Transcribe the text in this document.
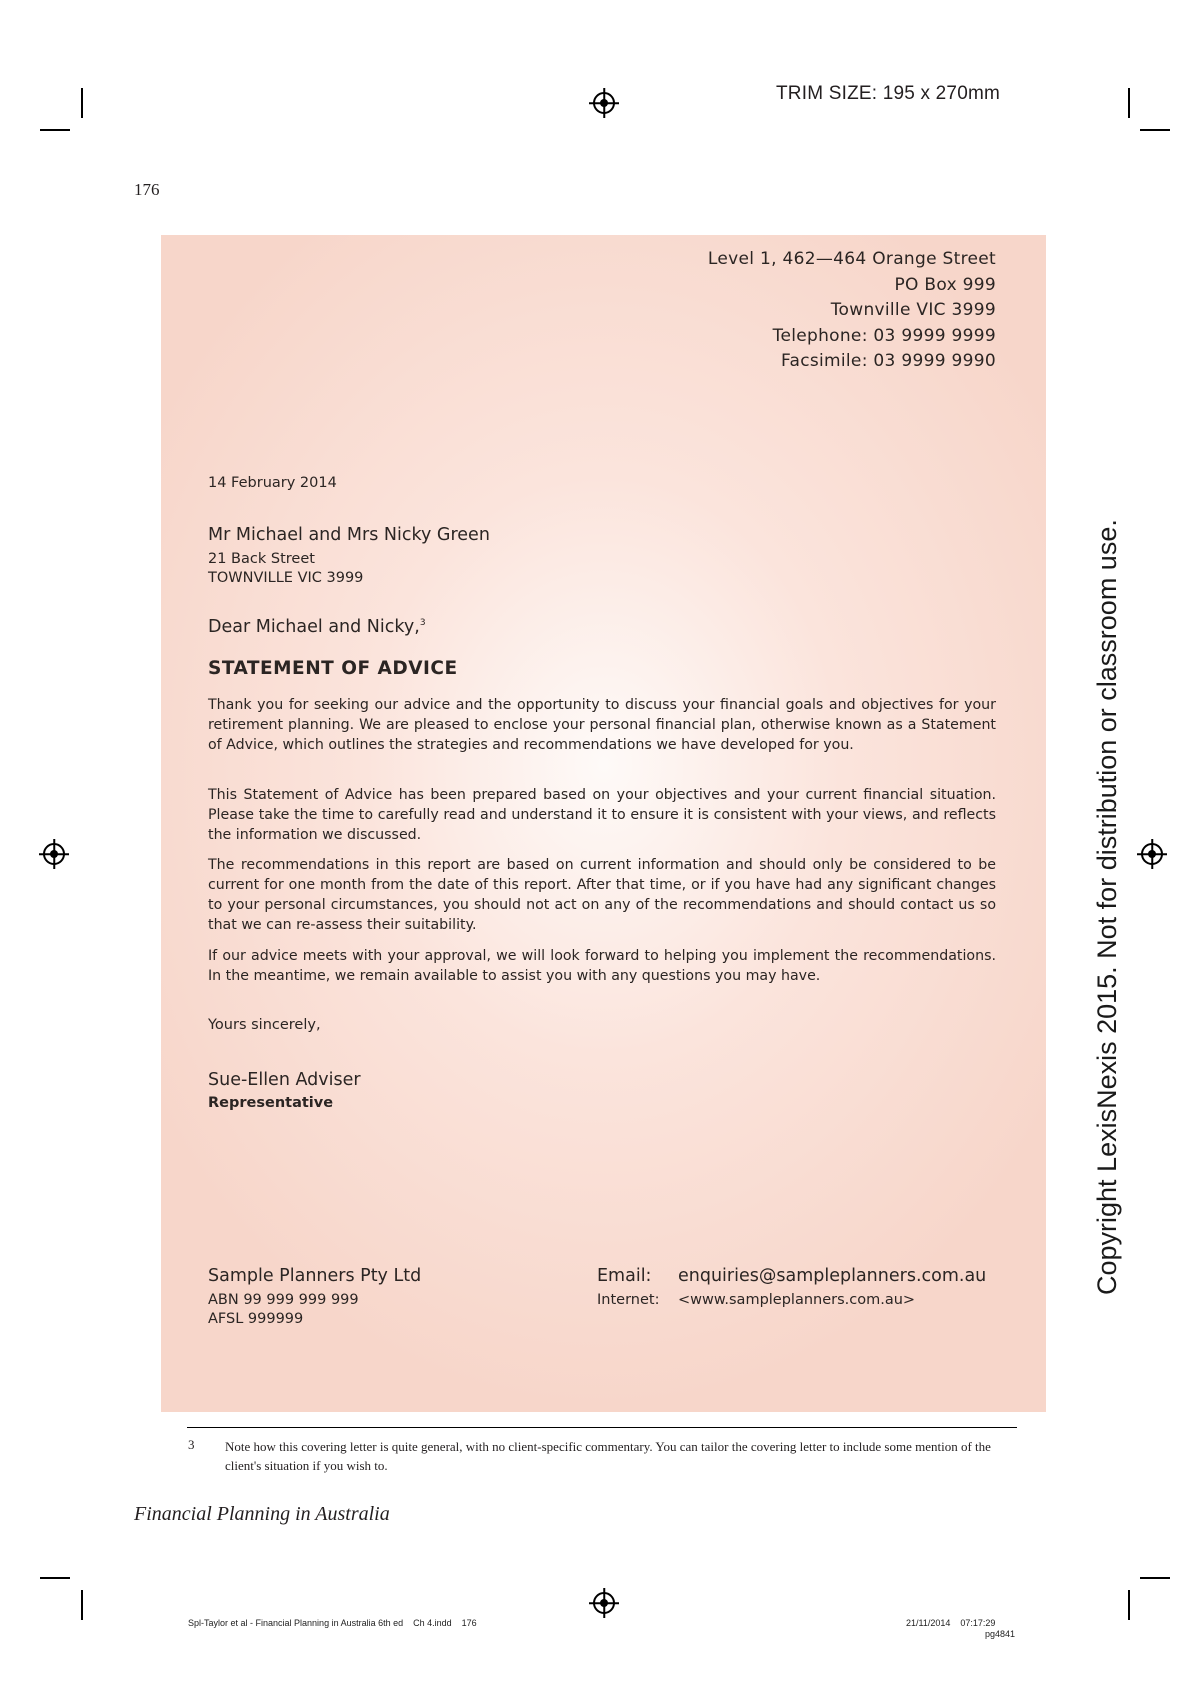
TRIM SIZE: 195 x 270mm
176
Level 1, 462—464 Orange Street
PO Box 999
Townville VIC 3999
Telephone: 03 9999 9999
Facsimile: 03 9999 9990
14 February 2014
Mr Michael and Mrs Nicky Green
21 Back Street
TOWNVILLE VIC 3999
Dear Michael and Nicky,$^3$
STATEMENT OF ADVICE

Thank you for seeking our advice and the opportunity to discuss your financial goals and objectives for your retirement planning. We are pleased to enclose your personal financial plan, otherwise known as a Statement of Advice, which outlines the strategies and recommendations we have developed for you.

This Statement of Advice has been prepared based on your objectives and your current financial situation. Please take the time to carefully read and understand it to ensure it is consistent with your views, and reflects the information we discussed.

The recommendations in this report are based on current information and should only be considered to be current for one month from the date of this report. After that time, or if you have had any significant changes to your personal circumstances, you should not act on any of the recommendations and should contact us so that we can re-assess their suitability.

If our advice meets with your approval, we will look forward to helping you implement the recommendations. In the meantime, we remain available to assist you with any questions you may have.

Yours sincerely,
Sue-Ellen Adviser
Representative
Sample Planners Pty Ltd
ABN 99 999 999 999
AFSL 999999
Email: enquiries@sampleplanners.com.au
Internet: <www.sampleplanners.com.au>
Copyright LexisNexis 2015. Not for distribution or classroom use.
3 Note how this covering letter is quite general, with no client-specific commentary. You can tailor the covering letter to include some mention of the client's situation if you wish to.
Financial Planning in Australia
Spl-Taylor et al - Financial Planning in Australia 6th ed    Ch 4.indd    176	21/11/2014    07:17:29
pg4841
